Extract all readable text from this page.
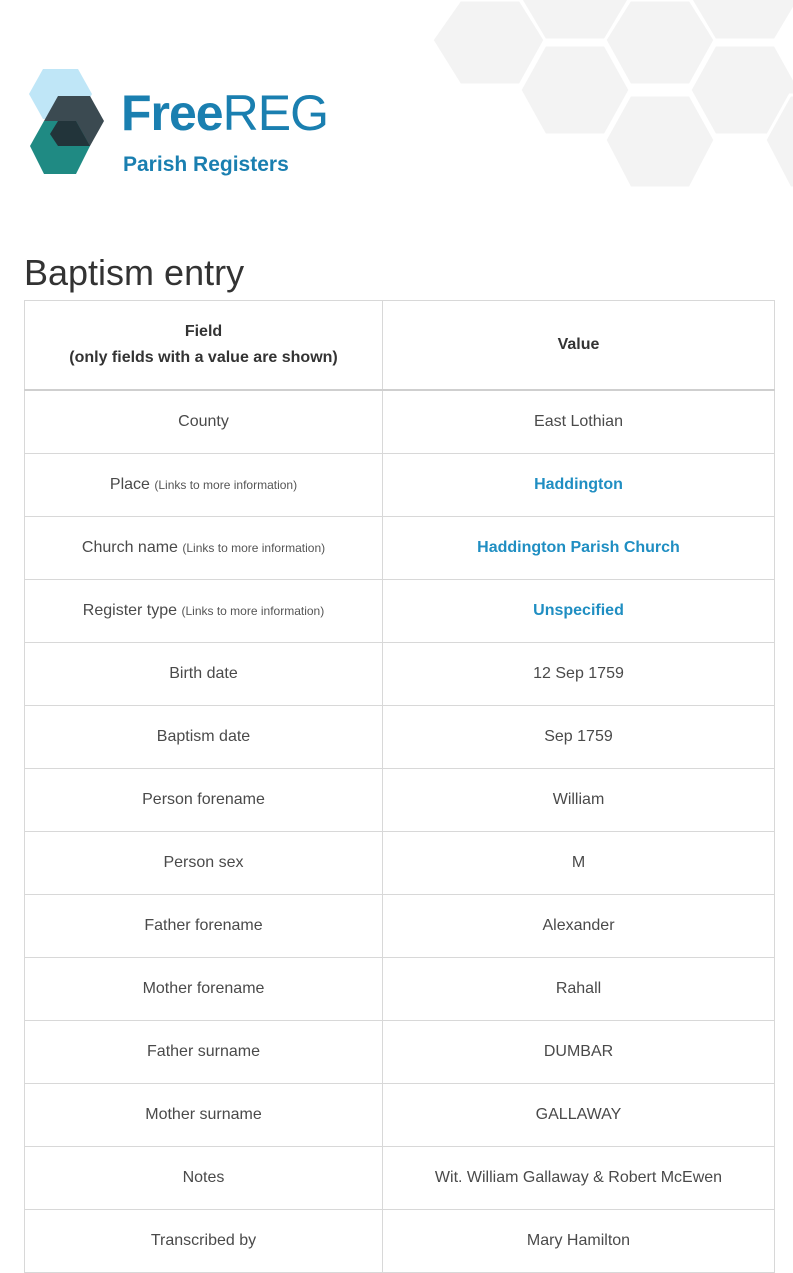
FreeREG
Parish Registers
Baptism entry
Field
(only fields with a value are shown)	Value
County	East Lothian
Place (Links to more information)	Haddington
Church name (Links to more information)	Haddington Parish Church
Register type (Links to more information)	Unspecified
Birth date	12 Sep 1759
Baptism date	Sep 1759
Person forename	William
Person sex	M
Father forename	Alexander
Mother forename	Rahall
Father surname	DUMBAR
Mother surname	GALLAWAY
Notes	Wit. William Gallaway & Robert McEwen
Transcribed by	Mary Hamilton
